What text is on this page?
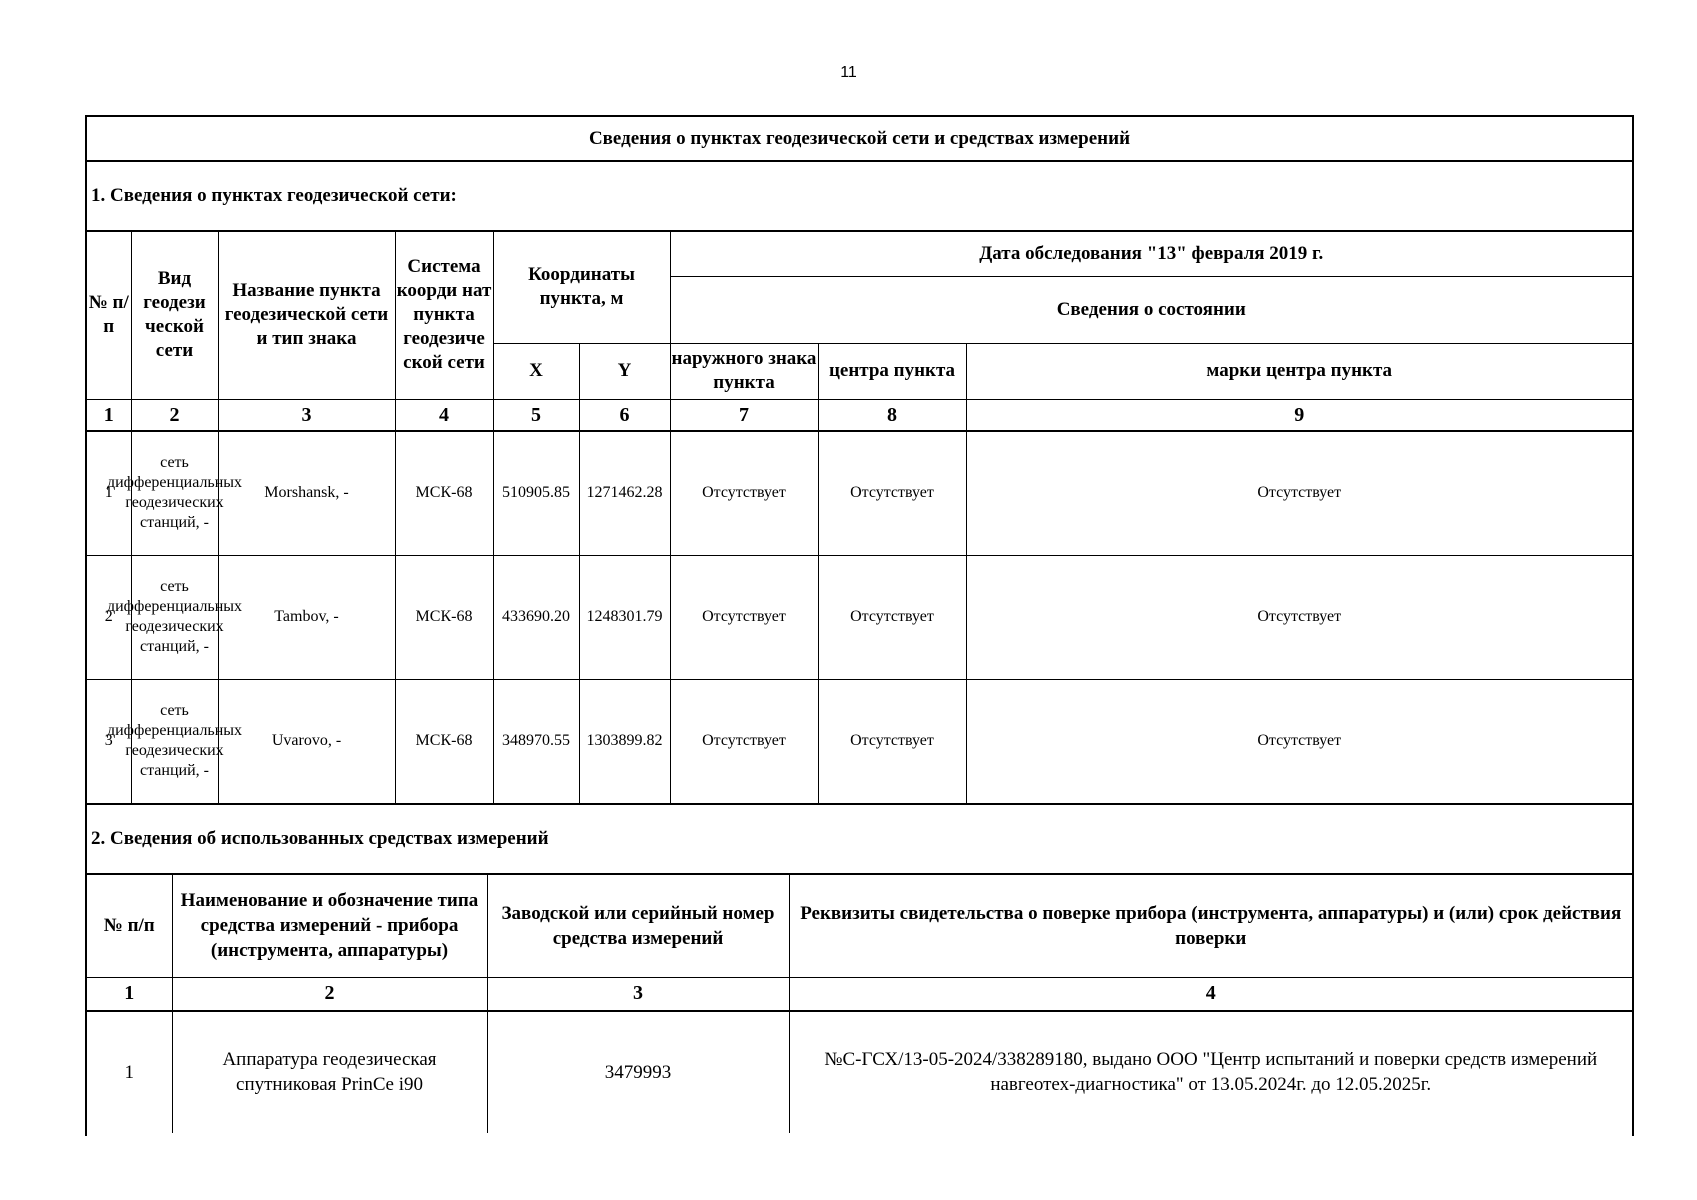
11
Сведения о пунктах геодезической сети и средствах измерений
1. Сведения о пунктах геодезической сети:
№ п/п	Вид геодези ческой сети	Название пункта геодезической сети и тип знака	Система коорди нат пункта геодезиче ской сети	Координаты пункта, м		Дата обследования "13" февраля 2019 г.		
						Сведения о состоянии		
				X	Y	наружного знака пункта	центра пункта	марки центра пункта
1	2	3	4	5	6	7	8	9
1	сеть дифференциальных геодезических станций, -	Morshansk, -	МСК-68	510905.85	1271462.28	Отсутствует	Отсутствует	Отсутствует
2	сеть дифференциальных геодезических станций, -	Tambov, -	МСК-68	433690.20	1248301.79	Отсутствует	Отсутствует	Отсутствует
3	сеть дифференциальных геодезических станций, -	Uvarovo, -	МСК-68	348970.55	1303899.82	Отсутствует	Отсутствует	Отсутствует
2. Сведения об использованных средствах измерений
№ п/п	Наименование и обозначение типа средства измерений - прибора (инструмента, аппаратуры)	Заводской или серийный номер средства измерений	Реквизиты свидетельства о поверке прибора (инструмента, аппаратуры) и (или) срок действия поверки
1	2	3	4
1	Аппаратура геодезическая спутниковая PrinCe i90	3479993	№С-ГСХ/13-05-2024/338289180, выдано ООО "Центр испытаний и поверки средств измерений навгеотех-диагностика" от 13.05.2024г. до 12.05.2025г.
